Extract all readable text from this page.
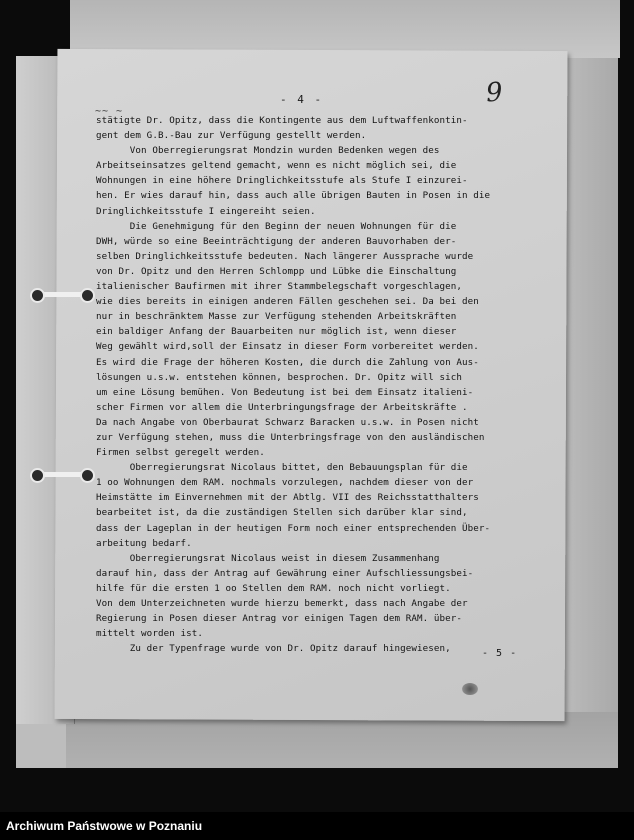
- 4 -	9
~~ ~
stätigte Dr. Opitz, dass die Kontingente aus dem Luftwaffenkontin-
gent dem G.B.-Bau zur Verfügung gestellt werden.
Von Oberregierungsrat Mondzin wurden Bedenken wegen des
Arbeitseinsatzes geltend gemacht, wenn es nicht möglich sei, die
Wohnungen in eine höhere Dringlichkeitsstufe als Stufe I einzurei-
hen. Er wies darauf hin, dass auch alle übrigen Bauten in Posen in die
Dringlichkeitsstufe I eingereiht seien.
Die Genehmigung für den Beginn der neuen Wohnungen für die
DWH, würde so eine Beeinträchtigung der anderen Bauvorhaben der-
selben Dringlichkeitsstufe bedeuten. Nach längerer Aussprache wurde
von Dr. Opitz und den Herren Schlompp und Lübke die Einschaltung
italienischer Baufirmen mit ihrer Stammbelegschaft vorgeschlagen,
wie dies bereits in einigen anderen Fällen geschehen sei. Da bei den
nur in beschränktem Masse zur Verfügung stehenden Arbeitskräften
ein baldiger Anfang der Bauarbeiten nur möglich ist, wenn dieser
Weg gewählt wird,soll der Einsatz in dieser Form vorbereitet werden.
Es wird die Frage der höheren Kosten, die durch die Zahlung von Aus-
lösungen u.s.w. entstehen können, besprochen. Dr. Opitz will sich
um eine Lösung bemühen. Von Bedeutung ist bei dem Einsatz italieni-
scher Firmen vor allem die Unterbringungsfrage der Arbeitskräfte .
Da nach Angabe von Oberbaurat Schwarz Baracken u.s.w. in Posen nicht
zur Verfügung stehen, muss die Unterbringsfrage von den ausländischen
Firmen selbst geregelt werden.
Oberregierungsrat Nicolaus bittet, den Bebauungsplan für die
1 oo Wohnungen dem RAM. nochmals vorzulegen, nachdem dieser von der
Heimstätte im Einvernehmen mit der Abtlg. VII des Reichsstatthalters
bearbeitet ist, da die zuständigen Stellen sich darüber klar sind,
dass der Lageplan in der heutigen Form noch einer entsprechenden Über-
arbeitung bedarf.
Oberregierungsrat Nicolaus weist in diesem Zusammenhang
darauf hin, dass der Antrag auf Gewährung einer Aufschliessungsbei-
hilfe für die ersten 1 oo Stellen dem RAM. noch nicht vorliegt.
Von dem Unterzeichneten wurde hierzu bemerkt, dass nach Angabe der
Regierung in Posen dieser Antrag vor einigen Tagen dem RAM. über-
mittelt worden ist.
Zu der Typenfrage wurde von Dr. Opitz darauf hingewiesen,	- 5 -
Archiwum Państwowe w Poznaniu
